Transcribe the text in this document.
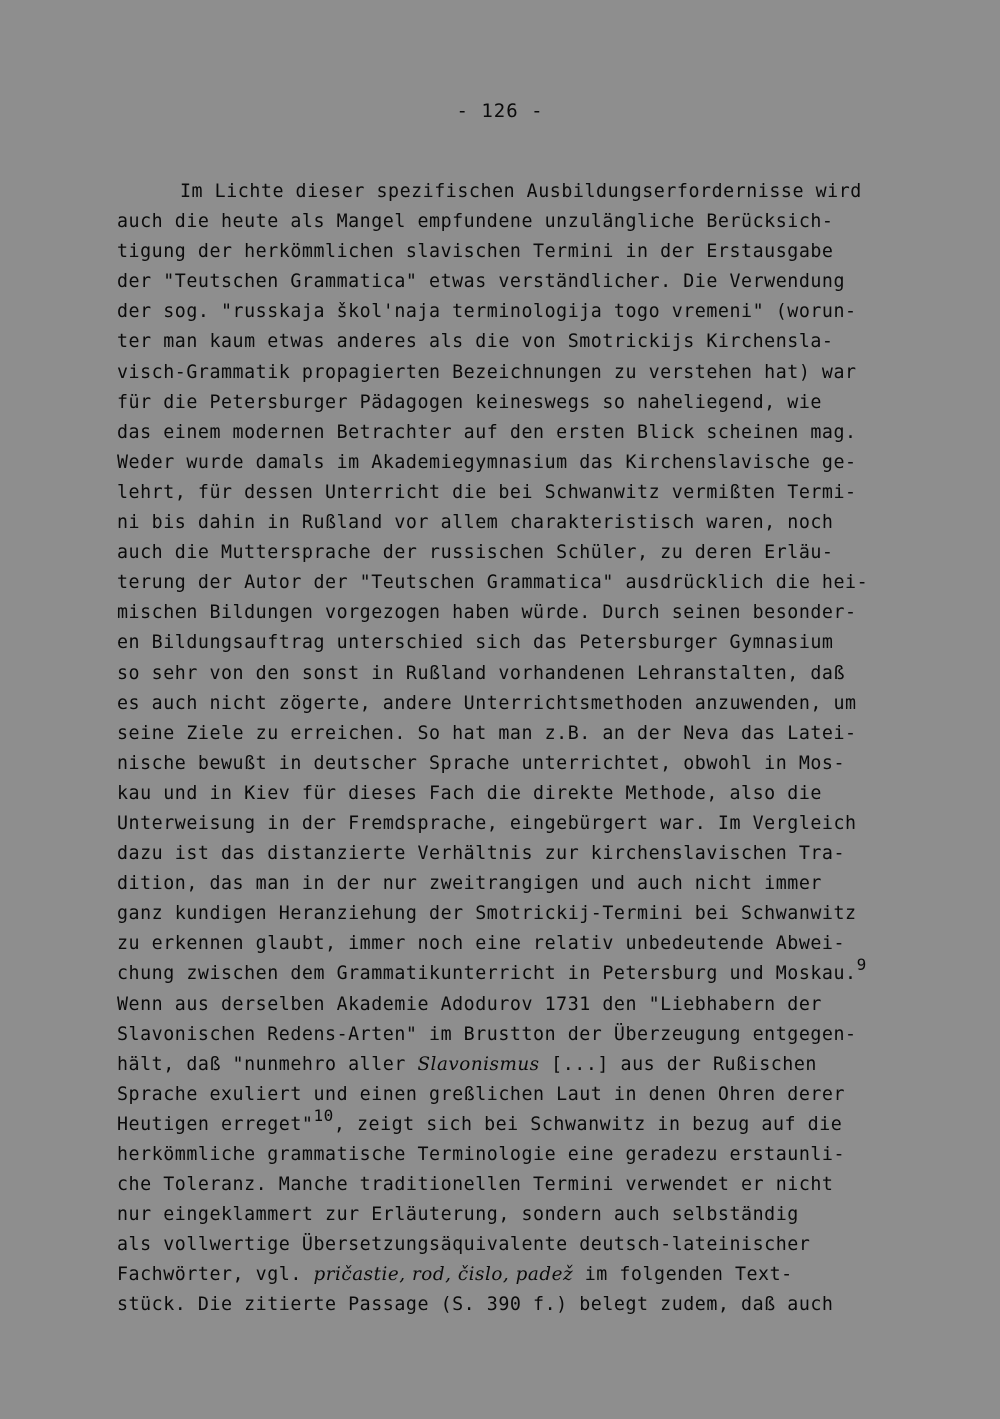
- 126 -
Im Lichte dieser spezifischen Ausbildungserfordernisse wird
auch die heute als Mangel empfundene unzulängliche Berücksich-
tigung der herkömmlichen slavischen Termini in der Erstausgabe
der "Teutschen Grammatica" etwas verständlicher. Die Verwendung
der sog. "russkaja škol'naja terminologija togo vremeni" (worun-
ter man kaum etwas anderes als die von Smotrickijs Kirchensla-
visch-Grammatik propagierten Bezeichnungen zu verstehen hat) war
für die Petersburger Pädagogen keineswegs so naheliegend, wie
das einem modernen Betrachter auf den ersten Blick scheinen mag.
Weder wurde damals im Akademiegymnasium das Kirchenslavische ge-
lehrt, für dessen Unterricht die bei Schwanwitz vermißten Termi-
ni bis dahin in Rußland vor allem charakteristisch waren, noch
auch die Muttersprache der russischen Schüler, zu deren Erläu-
terung der Autor der "Teutschen Grammatica" ausdrücklich die hei-
mischen Bildungen vorgezogen haben würde. Durch seinen besonder-
en Bildungsauftrag unterschied sich das Petersburger Gymnasium
so sehr von den sonst in Rußland vorhandenen Lehranstalten, daß
es auch nicht zögerte, andere Unterrichtsmethoden anzuwenden, um
seine Ziele zu erreichen. So hat man z.B. an der Neva das Latei-
nische bewußt in deutscher Sprache unterrichtet, obwohl in Mos-
kau und in Kiev für dieses Fach die direkte Methode, also die
Unterweisung in der Fremdsprache, eingebürgert war. Im Vergleich
dazu ist das distanzierte Verhältnis zur kirchenslavischen Tra-
dition, das man in der nur zweitrangigen und auch nicht immer
ganz kundigen Heranziehung der Smotrickij-Termini bei Schwanwitz
zu erkennen glaubt, immer noch eine relativ unbedeutende Abwei-
chung zwischen dem Grammatikunterricht in Petersburg und Moskau.$^9$
Wenn aus derselben Akademie Adodurov 1731 den "Liebhabern der
Slavonischen Redens-Arten" im Brustton der Überzeugung entgegen-
hält, daß "nunmehro aller Slavonismus [...] aus der Rußischen
Sprache exuliert und einen greßlichen Laut in denen Ohren derer
Heutigen erreget"$^{10}$, zeigt sich bei Schwanwitz in bezug auf die
herkömmliche grammatische Terminologie eine geradezu erstaunli-
che Toleranz. Manche traditionellen Termini verwendet er nicht
nur eingeklammert zur Erläuterung, sondern auch selbständig
als vollwertige Übersetzungsäquivalente deutsch-lateinischer
Fachwörter, vgl. pričastie, rod, čislo, padež im folgenden Text-
stück. Die zitierte Passage (S. 390 f.) belegt zudem, daß auch
